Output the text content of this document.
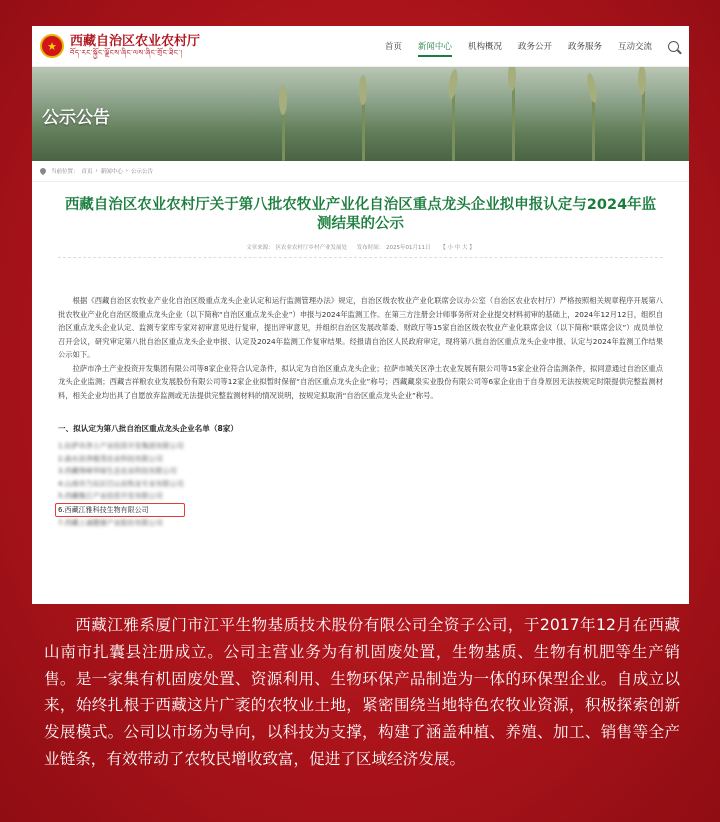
★ 西藏自治区农业农村厅
བོད་རང་སྐྱོང་ལྗོངས་ཞིང་ལས་ཞིང་གྲོང་ཐིང་།
首页 新闻中心 机构概况 政务公开 政务服务 互动交流
公示公告
当前位置： 首页 › 新闻中心 › 公示公告
西藏自治区农业农村厅关于第八批农牧业产业化自治区重点龙头企业拟申报认定与2024年监测结果的公示
文章来源： 区农业农村厅乡村产业发展处 发布时间： 2025年01月11日 【 小 中 大 】

根据《西藏自治区农牧业产业化自治区级重点龙头企业认定和运行监测管理办法》规定，自治区级农牧业产业化联席会议办公室（自治区农业农村厅）严格按照相关规章程序开展第八批农牧业产业化自治区级重点龙头企业（以下简称“自治区重点龙头企业”）申报与2024年监测工作。在第三方注册会计师事务所对企业提交材料初审的基础上，2024年12月12日，组织自治区重点龙头企业认定、监测专家库专家对初审意见进行复审，提出评审意见，并组织自治区发展改革委、财政厅等15家自治区级农牧业产业化联席会议（以下简称“联席会议”）成员单位召开会议，研究审定第八批自治区重点龙头企业申报、认定及2024年监测工作复审结果。经报请自治区人民政府审定，现将第八批自治区重点龙头企业申报、认定与2024年监测工作结果公示如下。

拉萨市净土产业投资开发集团有限公司等8家企业符合认定条件，拟认定为自治区重点龙头企业；拉萨市城关区净土农业发展有限公司等15家企业符合监测条件，拟同意通过自治区重点龙头企业监测；西藏吉祥粮农业发展股份有限公司等12家企业拟暂时保留“自治区重点龙头企业”称号；西藏藏泉实业股份有限公司等6家企业由于自身原因无法按规定时限提供完整监测材料，相关企业均出具了自愿放弃监测或无法提供完整监测材料的情况说明，按规定拟取消“自治区重点龙头企业”称号。

一、拟认定为第八批自治区重点龙头企业名单（8家）
1.拉萨市净土产业投资开发集团有限公司
2.曲水县净植茂农业科技有限公司
3.西藏珠峰华绿生态农业科技有限公司
4.山南市乃东区巴山农牧业专业有限公司
5.西藏雅江产业投资开发有限公司
6.西藏江雅科技生物有限公司
7.西藏上诚健康产业股份有限公司

西藏江雅系厦门市江平生物基质技术股份有限公司全资子公司，于2017年12月在西藏山南市扎囊县注册成立。公司主营业务为有机固废处置，生物基质、生物有机肥等生产销售。是一家集有机固废处置、资源利用、生物环保产品制造为一体的环保型企业。自成立以来，始终扎根于西藏这片广袤的农牧业土地，紧密围绕当地特色农牧业资源，积极探索创新发展模式。公司以市场为导向，以科技为支撑，构建了涵盖种植、养殖、加工、销售等全产业链条，有效带动了农牧民增收致富，促进了区域经济发展。
